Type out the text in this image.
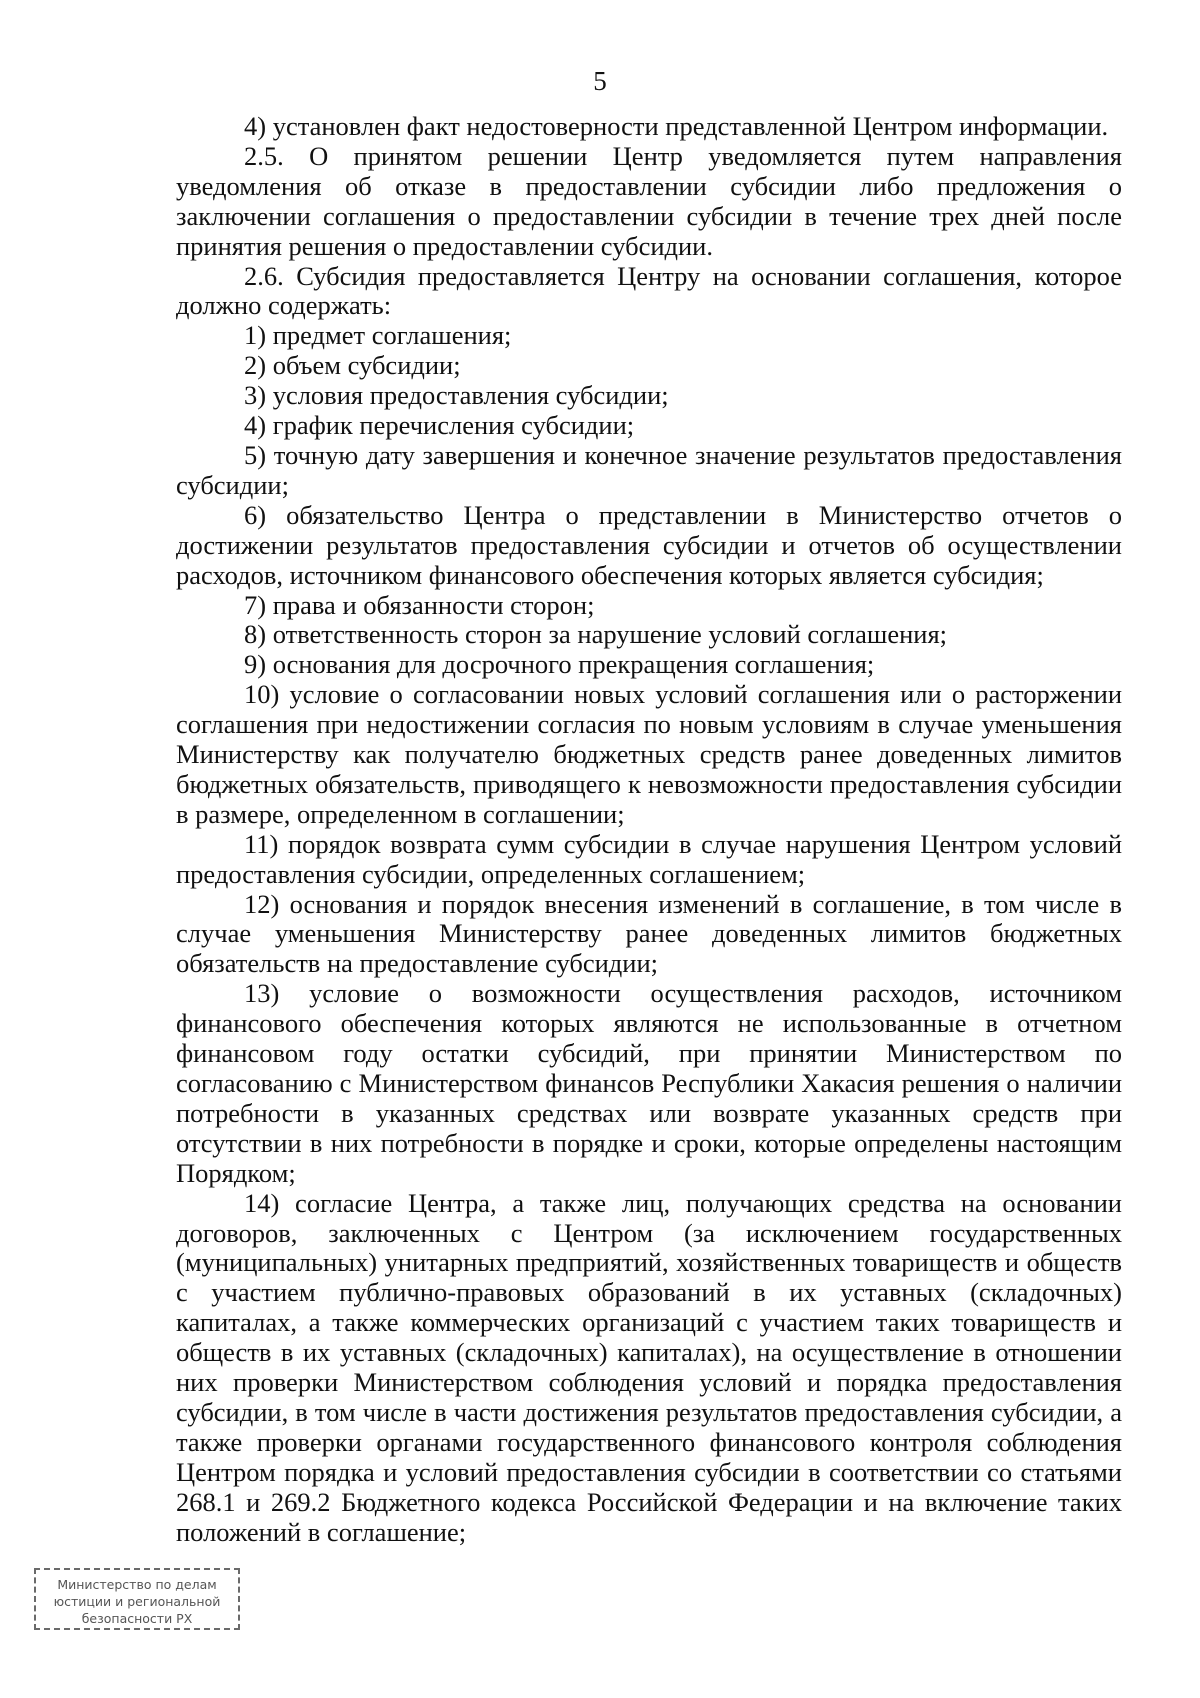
5

4) установлен факт недостоверности представленной Центром информации.

2.5. О принятом решении Центр уведомляется путем направления уведомления об отказе в предоставлении субсидии либо предложения о заключении соглашения о предоставлении субсидии в течение трех дней после принятия решения о предоставлении субсидии.

2.6. Субсидия предоставляется Центру на основании соглашения, которое должно содержать:

1) предмет соглашения;

2) объем субсидии;

3) условия предоставления субсидии;

4) график перечисления субсидии;

5) точную дату завершения и конечное значение результатов предоставления субсидии;

6) обязательство Центра о представлении в Министерство отчетов о достижении результатов предоставления субсидии и отчетов об осуществлении расходов, источником финансового обеспечения которых является субсидия;

7) права и обязанности сторон;

8) ответственность сторон за нарушение условий соглашения;

9) основания для досрочного прекращения соглашения;

10) условие о согласовании новых условий соглашения или о расторжении соглашения при недостижении согласия по новым условиям в случае уменьшения Министерству как получателю бюджетных средств ранее доведенных лимитов бюджетных обязательств, приводящего к невозможности предоставления субсидии в размере, определенном в соглашении;

11) порядок возврата сумм субсидии в случае нарушения Центром условий предоставления субсидии, определенных соглашением;

12) основания и порядок внесения изменений в соглашение, в том числе в случае уменьшения Министерству ранее доведенных лимитов бюджетных обязательств на предоставление субсидии;

13) условие о возможности осуществления расходов, источником финансового обеспечения которых являются не использованные в отчетном финансовом году остатки субсидий, при принятии Министерством по согласованию с Министерством финансов Республики Хакасия решения о наличии потребности в указанных средствах или возврате указанных средств при отсутствии в них потребности в порядке и сроки, которые определены настоящим Порядком;

14) согласие Центра, а также лиц, получающих средства на основании договоров, заключенных с Центром (за исключением государственных (муниципальных) унитарных предприятий, хозяйственных товариществ и обществ с участием публично-правовых образований в их уставных (складочных) капиталах, а также коммерческих организаций с участием таких товариществ и обществ в их уставных (складочных) капиталах), на осуществление в отношении них проверки Министерством соблюдения условий и порядка предоставления субсидии, в том числе в части достижения результатов предоставления субсидии, а также проверки органами государственного финансового контроля соблюдения Центром порядка и условий предоставления субсидии в соответствии со статьями 268.1 и 269.2 Бюджетного кодекса Российской Федерации и на включение таких положений в соглашение;

Министерство по делам
юстиции и региональной
безопасности РХ
